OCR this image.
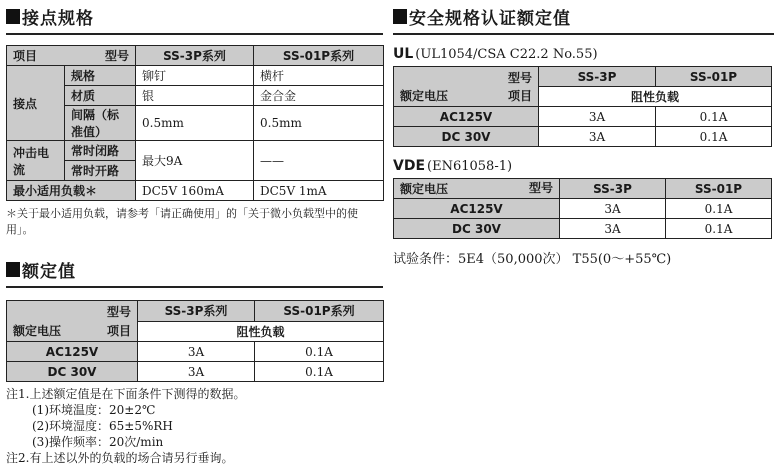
接点规格
项目 型号		SS-3P系列	SS-01P系列
接点	规格	铆钉	横杆
	材质	银	金合金
	间隔（标准值）	0.5mm	0.5mm
冲击电流	常时闭路	最大9A	——
	常时开路		
最小适用负载＊		DC5V 160mA	DC5V 1mA
＊关于最小适用负载，请参考「请正确使用」的「关于微小负载型中的使用」。
额定值
型号
额定电压 项目	SS-3P系列	SS-01P系列
	阻性负载	
AC125V	3A	0.1A
DC 30V	3A	0.1A
注1.上述额定值是在下面条件下测得的数据。
(1)环境温度：20±2℃
(2)环境湿度：65±5%RH
(3)操作频率：20次/min
注2.有上述以外的负载的场合请另行垂询。
安全规格认证额定值
UL (UL1054/CSA C22.2 No.55)
型号
额定电压 项目	SS-3P	SS-01P
	阻性负载	
AC125V	3A	0.1A
DC 30V	3A	0.1A
VDE (EN61058-1)
型号
额定电压	SS-3P	SS-01P
AC125V	3A	0.1A
DC 30V	3A	0.1A
试验条件：5E4（50,000次） T55(0～+55℃)
